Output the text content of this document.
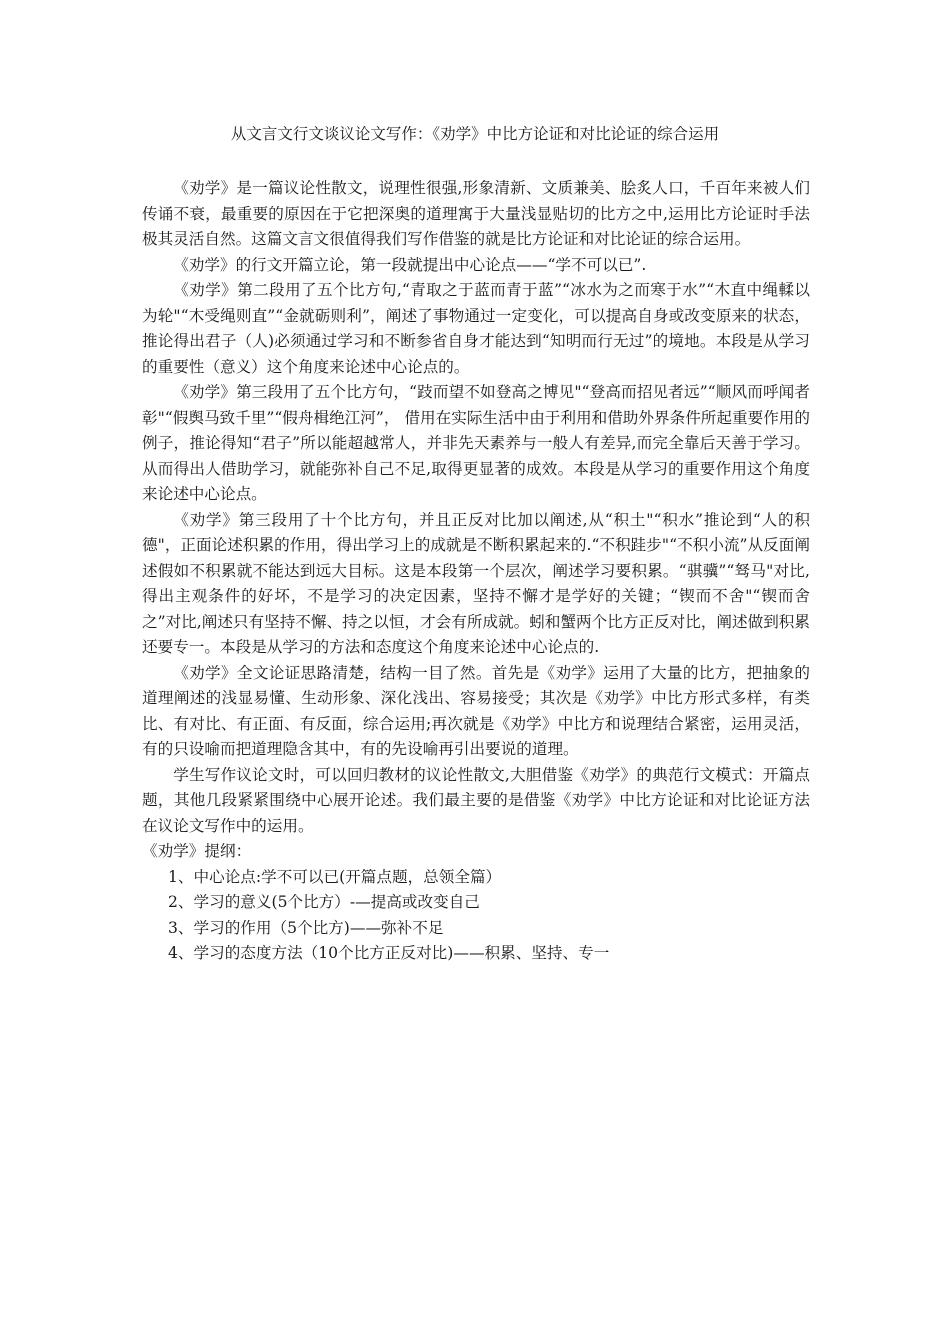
从文言文行文谈议论文写作：《劝学》中比方论证和对比论证的综合运用

《劝学》是一篇议论性散文，说理性很强,形象清新、文质兼美、脍炙人口，千百年来被人们传诵不衰，最重要的原因在于它把深奥的道理寓于大量浅显贴切的比方之中,运用比方论证时手法极其灵活自然。这篇文言文很值得我们写作借鉴的就是比方论证和对比论证的综合运用。

《劝学》的行文开篇立论，第一段就提出中心论点——“学不可以已”.

《劝学》第二段用了五个比方句,“青取之于蓝而青于蓝”“冰水为之而寒于水”“木直中绳輮以为轮"“木受绳则直”“金就砺则利”，阐述了事物通过一定变化，可以提高自身或改变原来的状态，推论得出君子（人)必须通过学习和不断参省自身才能达到“知明而行无过”的境地。本段是从学习的重要性（意义）这个角度来论述中心论点的。

《劝学》第三段用了五个比方句，“跂而望不如登高之博见"“登高而招见者远”“顺风而呼闻者彰"“假舆马致千里”“假舟楫绝江河”， 借用在实际生活中由于利用和借助外界条件所起重要作用的例子，推论得知“君子”所以能超越常人，并非先天素养与一般人有差异,而完全靠后天善于学习。从而得出人借助学习，就能弥补自己不足,取得更显著的成效。本段是从学习的重要作用这个角度来论述中心论点。

《劝学》第三段用了十个比方句，并且正反对比加以阐述,从“积土"“积水”推论到“人的积德"，正面论述积累的作用，得出学习上的成就是不断积累起来的.“不积跬步"“不积小流”从反面阐述假如不积累就不能达到远大目标。这是本段第一个层次，阐述学习要积累。“骐骥”“驽马"对比,得出主观条件的好坏，不是学习的决定因素，坚持不懈才是学好的关键；“锲而不舍"“锲而舍之”对比,阐述只有坚持不懈、持之以恒，才会有所成就。蚓和蟹两个比方正反对比，阐述做到积累还要专一。本段是从学习的方法和态度这个角度来论述中心论点的.

《劝学》全文论证思路清楚，结构一目了然。首先是《劝学》运用了大量的比方，把抽象的道理阐述的浅显易懂、生动形象、深化浅出、容易接受；其次是《劝学》中比方形式多样，有类比、有对比、有正面、有反面，综合运用;再次就是《劝学》中比方和说理结合紧密，运用灵活，有的只设喻而把道理隐含其中，有的先设喻再引出要说的道理。

学生写作议论文时，可以回归教材的议论性散文,大胆借鉴《劝学》的典范行文模式：开篇点题，其他几段紧紧围绕中心展开论述。我们最主要的是借鉴《劝学》中比方论证和对比论证方法在议论文写作中的运用。

《劝学》提纲：

1、中心论点:学不可以已(开篇点题，总领全篇）
2、学习的意义(5个比方）-—提高或改变自己
3、学习的作用（5个比方)——弥补不足
4、学习的态度方法（10个比方正反对比)——积累、坚持、专一
